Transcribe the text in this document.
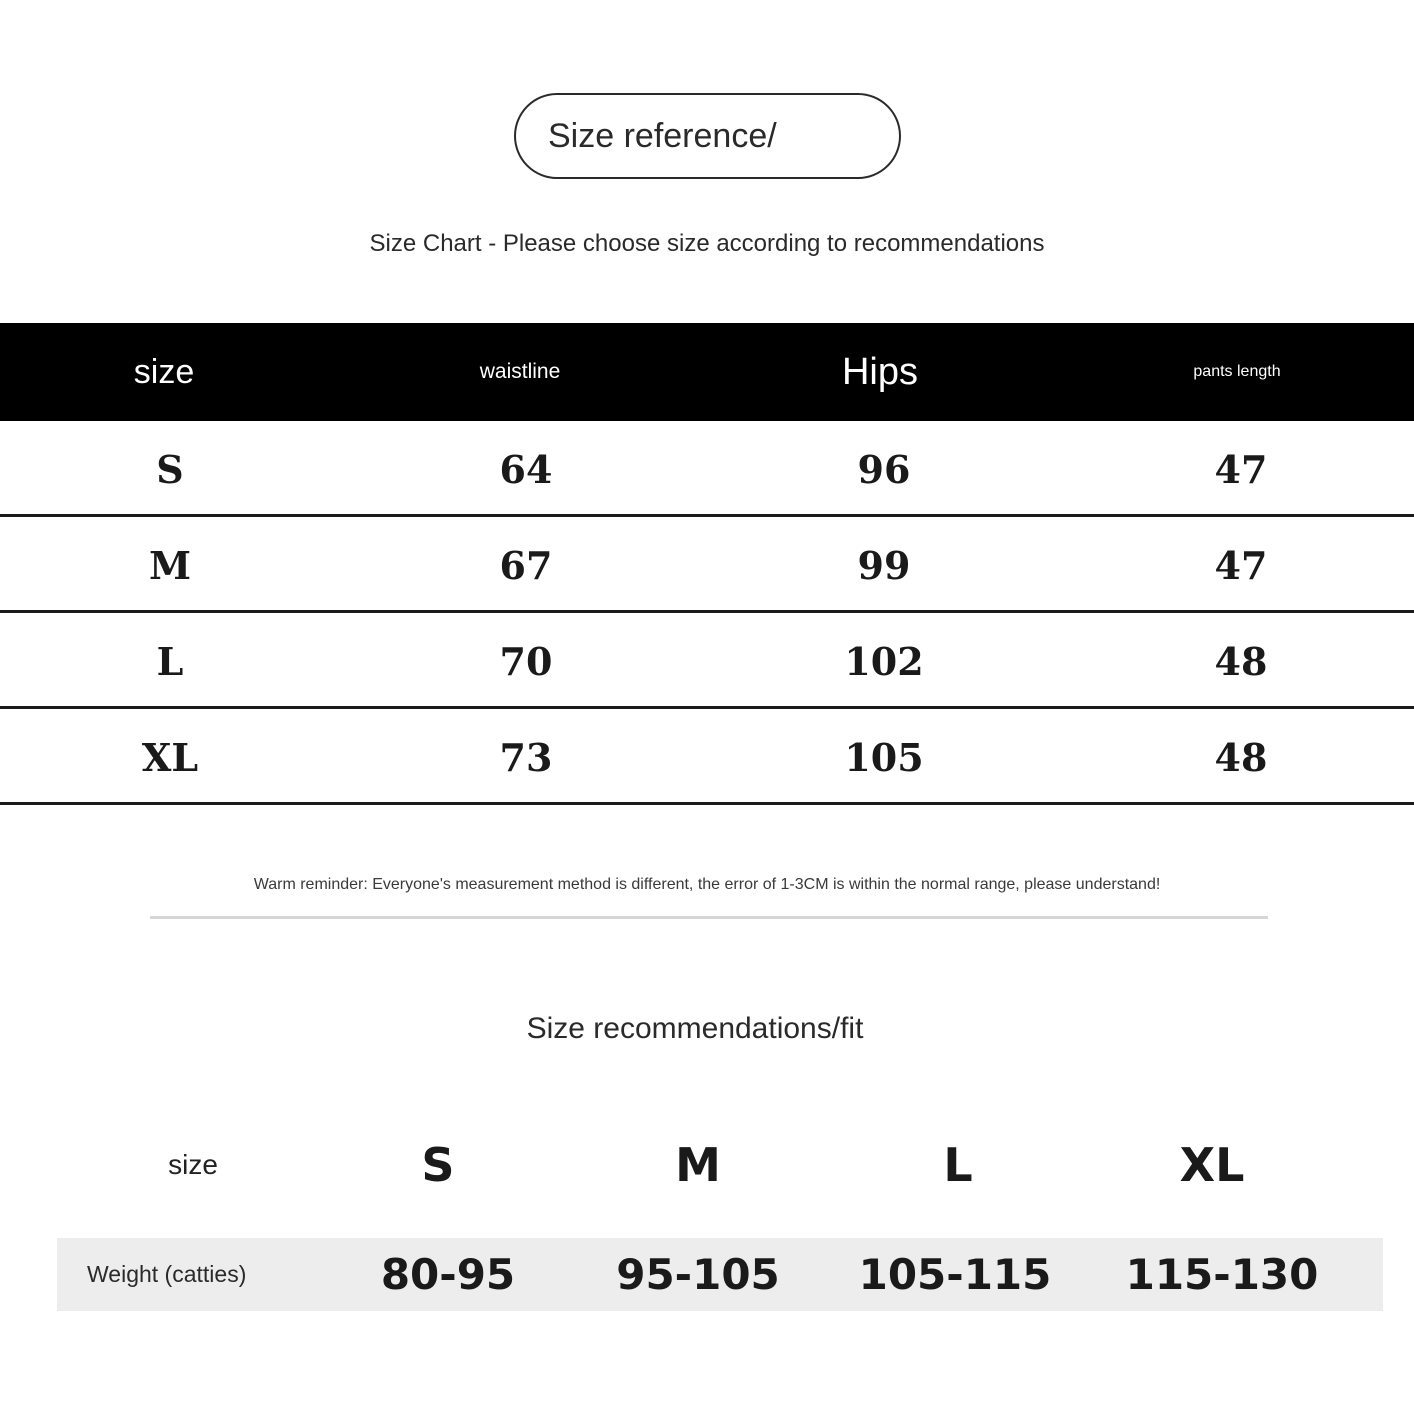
Size reference/
Size Chart - Please choose size according to recommendations
size	waistline	Hips	pants length
S	64	96	47
M	67	99	47
L	70	102	48
XL	73	105	48
Warm reminder: Everyone's measurement method is different, the error of 1-3CM is within the normal range, please understand!
Size recommendations/fit
size	S	M	L	XL
Weight (catties)	80-95	95-105	105-115	115-130
